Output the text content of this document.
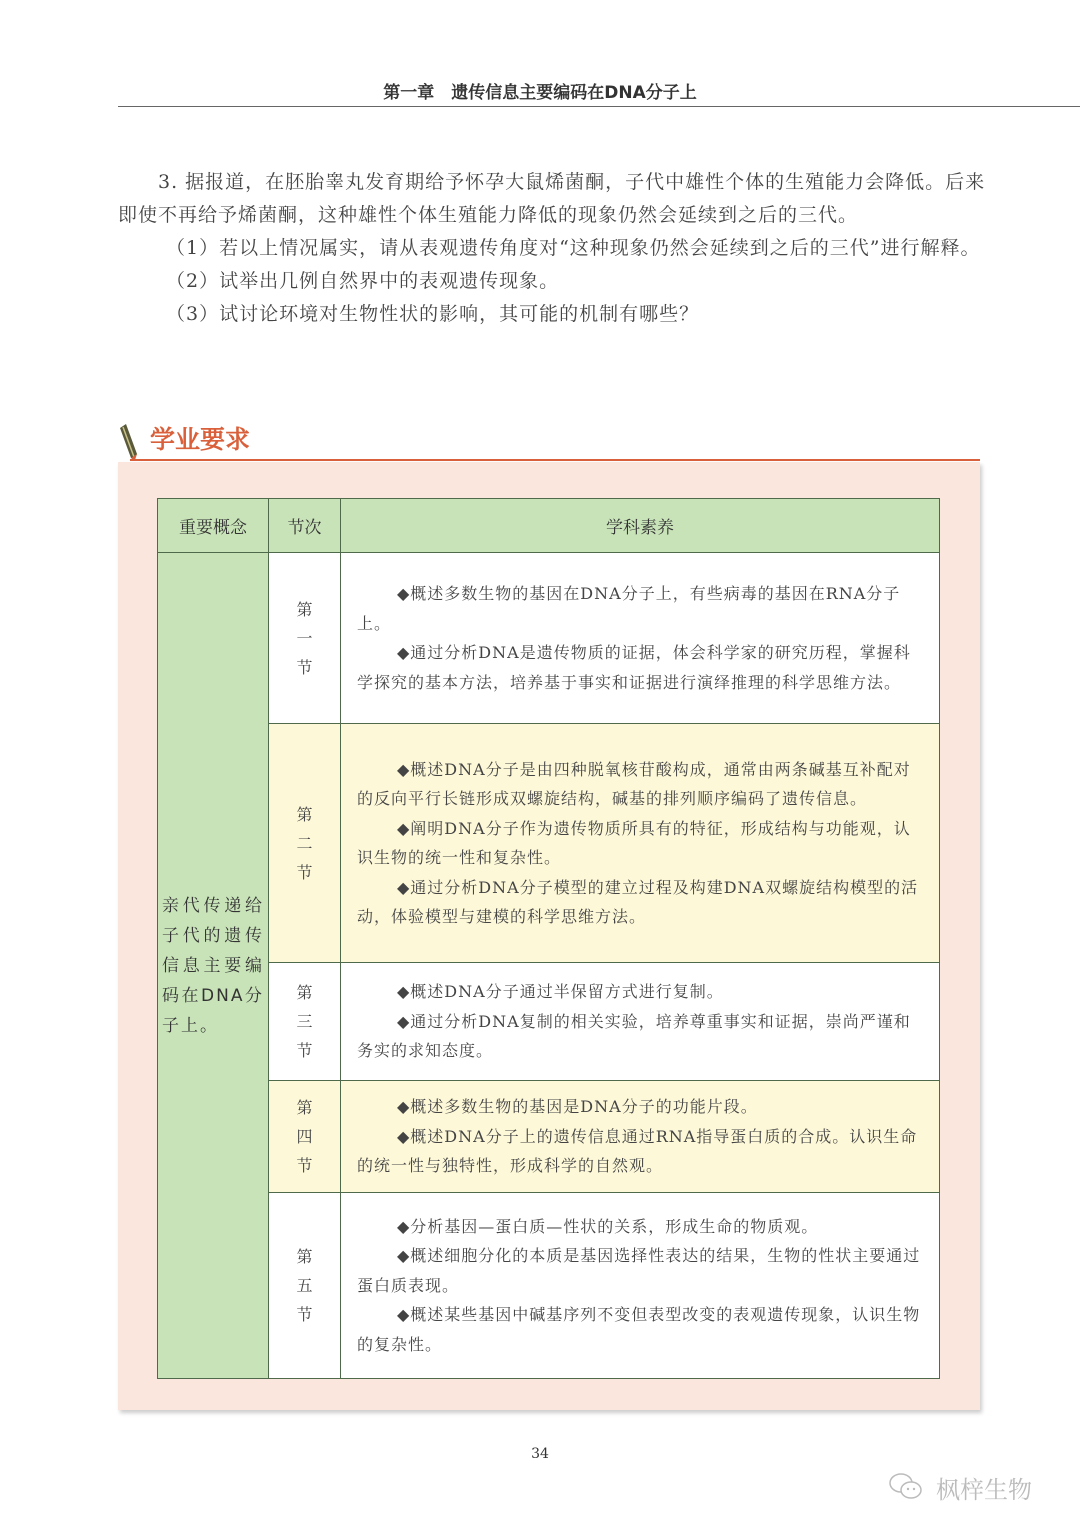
第一章　遗传信息主要编码在DNA分子上

3. 据报道，在胚胎睾丸发育期给予怀孕大鼠烯菌酮，子代中雄性个体的生殖能力会降低。后来即使不再给予烯菌酮，这种雄性个体生殖能力降低的现象仍然会延续到之后的三代。

（1）若以上情况属实，请从表观遗传角度对“这种现象仍然会延续到之后的三代”进行解释。

（2）试举出几例自然界中的表观遗传现象。

（3）试讨论环境对生物性状的影响，其可能的机制有哪些？

学业要求
重要概念	节次	学科素养
亲代传递给子代的遗传信息主要编码在DNA分子上。	第一节	◆概述多数生物的基因在DNA分子上，有些病毒的基因在RNA分子上。

◆通过分析DNA是遗传物质的证据，体会科学家的研究历程，掌握科学探究的基本方法，培养基于事实和证据进行演绎推理的科学思维方法。

	第二节	◆概述DNA分子是由四种脱氧核苷酸构成，通常由两条碱基互补配对的反向平行长链形成双螺旋结构，碱基的排列顺序编码了遗传信息。

◆阐明DNA分子作为遗传物质所具有的特征，形成结构与功能观，认识生物的统一性和复杂性。

◆通过分析DNA分子模型的建立过程及构建DNA双螺旋结构模型的活动，体验模型与建模的科学思维方法。

	第三节	◆概述DNA分子通过半保留方式进行复制。

◆通过分析DNA复制的相关实验，培养尊重事实和证据，崇尚严谨和务实的求知态度。

	第四节	◆概述多数生物的基因是DNA分子的功能片段。

◆概述DNA分子上的遗传信息通过RNA指导蛋白质的合成。认识生命的统一性与独特性，形成科学的自然观。

	第五节	◆分析基因—蛋白质—性状的关系，形成生命的物质观。

◆概述细胞分化的本质是基因选择性表达的结果，生物的性状主要通过蛋白质表现。

◆概述某些基因中碱基序列不变但表型改变的表观遗传现象，认识生物的复杂性。

34
枫梓生物
